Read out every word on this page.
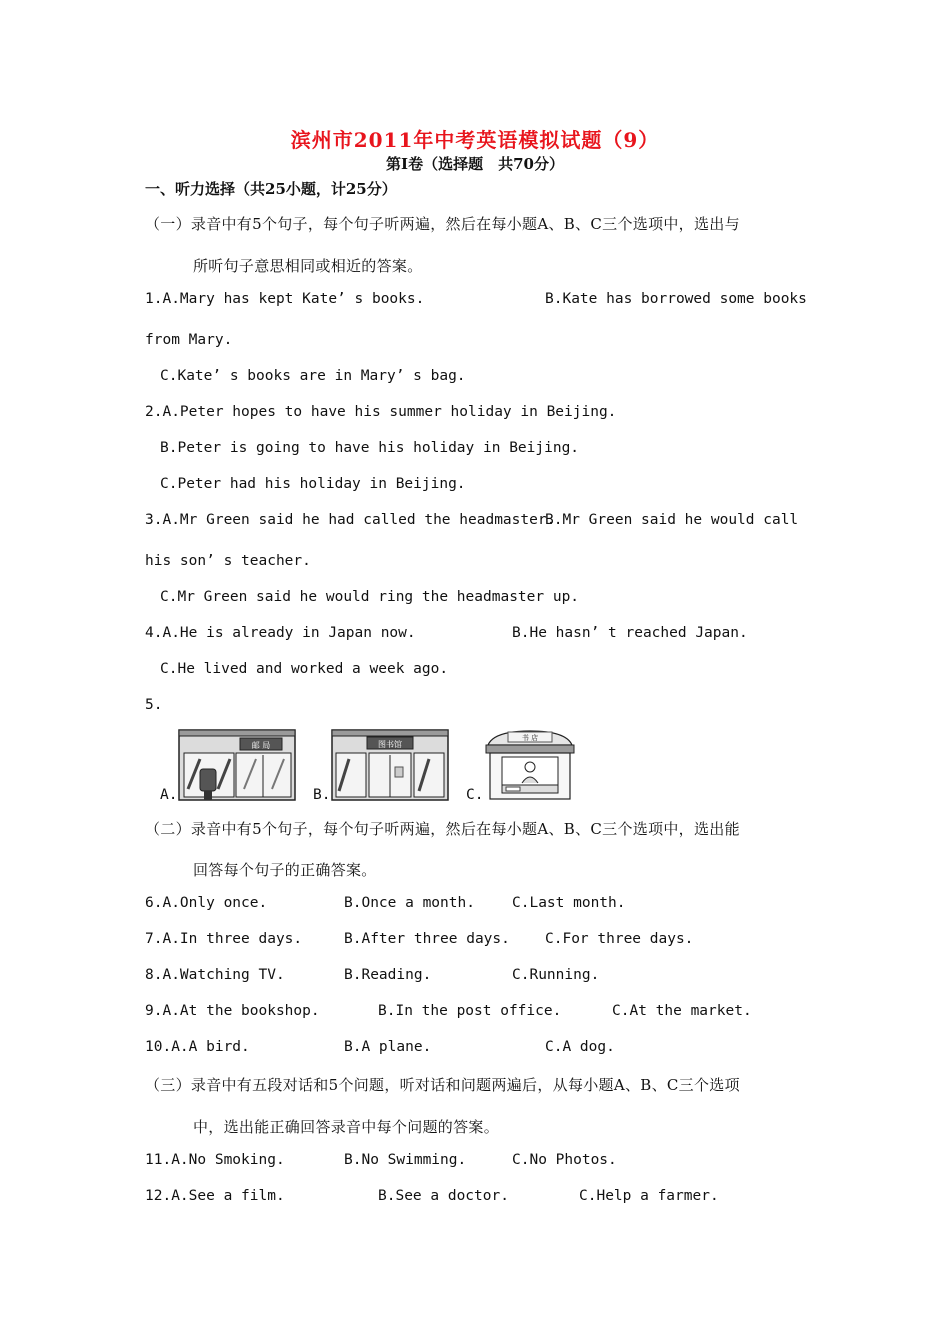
滨州市2011年中考英语模拟试题（9）
第Ⅰ卷（选择题　共70分）
一、听力选择（共25小题，计25分）
（一）录音中有5个句子，每个句子听两遍，然后在每小题A、B、C三个选项中，选出与
所听句子意思相同或相近的答案。
1.A.Mary has kept Kate’ s books.	B.Kate has borrowed some books
from Mary.
C.Kate’ s books are in Mary’ s bag.
2.A.Peter hopes to have his summer holiday in Beijing.
B.Peter is going to have his holiday in Beijing.
C.Peter had his holiday in Beijing.
3.A.Mr Green said he had called the headmaster.
B.Mr Green said he would call
his son’ s teacher.
C.Mr Green said he would ring the headmaster up.
4.A.He is already in Japan now.	B.He hasn’ t reached Japan.
C.He lived and worked a week ago.
5.
A.
邮 局
B.
图书馆
C.
书 店
（二）录音中有5个句子，每个句子听两遍，然后在每小题A、B、C三个选项中，选出能
回答每个句子的正确答案。
6.A.Only once.	B.Once a month.	C.Last month.
7.A.In three days.	B.After three days. C.For three days.
8.A.Watching TV.	B.Reading.	C.Running.
9.A.At the bookshop.	B.In the post office.	C.At the market.
10.A.A bird.	B.A plane.	C.A dog.
（三）录音中有五段对话和5个问题，听对话和问题两遍后，从每小题A、B、C三个选项
中，选出能正确回答录音中每个问题的答案。
11.A.No Smoking.	B.No Swimming.	C.No Photos.
12.A.See a film.	B.See a doctor.	C.Help a farmer.
